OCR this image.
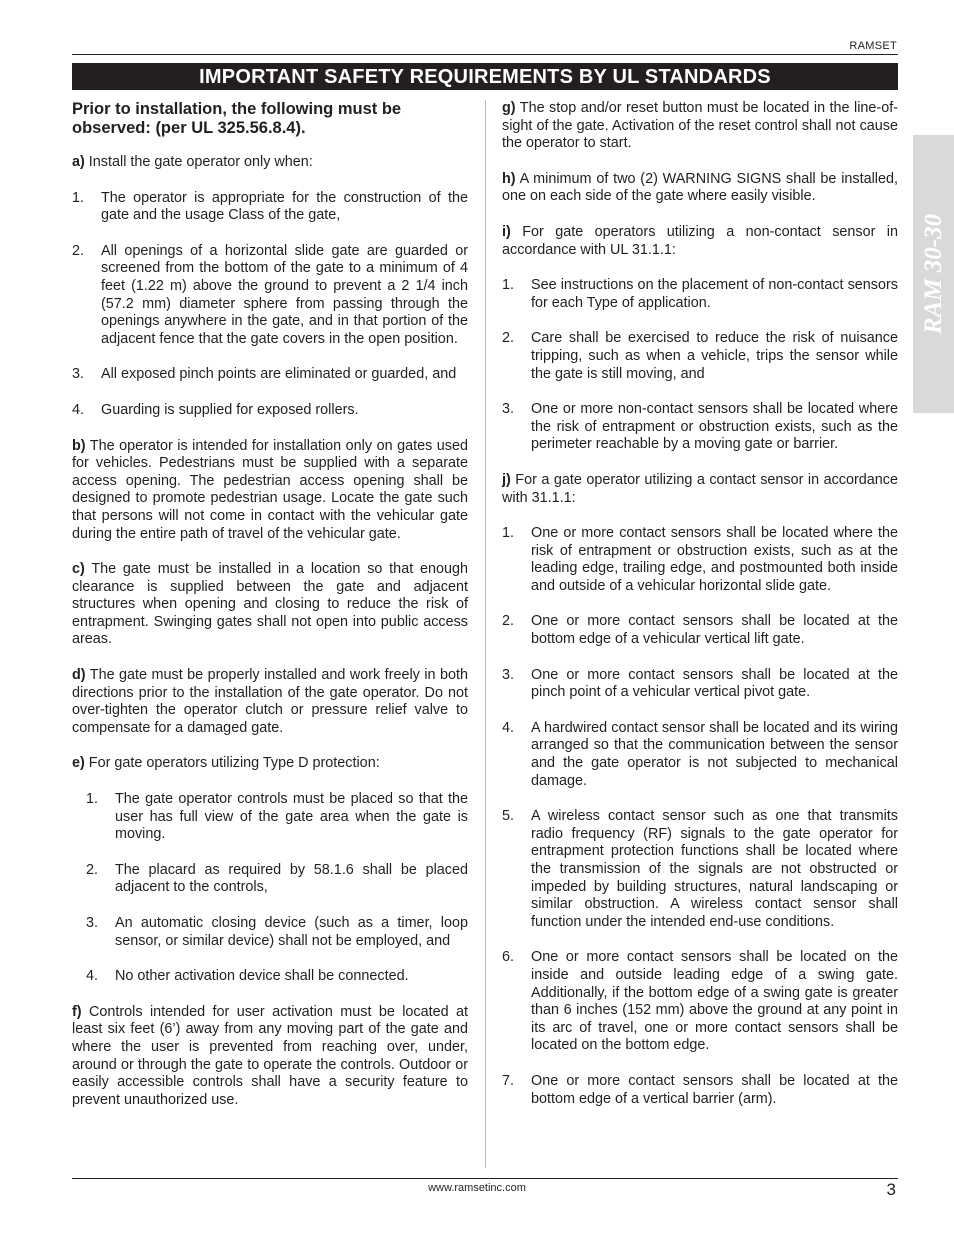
RAMSET
IMPORTANT SAFETY REQUIREMENTS BY UL STANDARDS
RAM 30-30
Prior to installation, the following must be observed: (per UL 325.56.8.4).

a) Install the gate operator only when:

1. The operator is appropriate for the construction of the gate and the usage Class of the gate,
2. All openings of a horizontal slide gate are guarded or screened from the bottom of the gate to a minimum of 4 feet (1.22 m) above the ground to prevent a 2 1/4 inch (57.2 mm) diameter sphere from passing through the openings anywhere in the gate, and in that portion of the adjacent fence that the gate covers in the open position.
3. All exposed pinch points are eliminated or guarded, and
4. Guarding is supplied for exposed rollers.

b) The operator is intended for installation only on gates used for vehicles. Pedestrians must be supplied with a separate access opening. The pedestrian access opening shall be designed to promote pedestrian usage. Locate the gate such that persons will not come in contact with the vehicular gate during the entire path of travel of the vehicular gate.

c) The gate must be installed in a location so that enough clearance is supplied between the gate and adjacent structures when opening and closing to reduce the risk of entrapment. Swinging gates shall not open into public access areas.

d) The gate must be properly installed and work freely in both directions prior to the installation of the gate operator. Do not over-tighten the operator clutch or pressure relief valve to compensate for a damaged gate.

e) For gate operators utilizing Type D protection:

1. The gate operator controls must be placed so that the user has full view of the gate area when the gate is moving.
2. The placard as required by 58.1.6 shall be placed adjacent to the controls,
3. An automatic closing device (such as a timer, loop sensor, or similar device) shall not be employed, and
4. No other activation device shall be connected.

f) Controls intended for user activation must be located at least six feet (6’) away from any moving part of the gate and where the user is prevented from reaching over, under, around or through the gate to operate the controls. Outdoor or easily accessible controls shall have a security feature to prevent unauthorized use.

g) The stop and/or reset button must be located in the line-of-sight of the gate. Activation of the reset control shall not cause the operator to start.

h) A minimum of two (2) WARNING SIGNS shall be installed, one on each side of the gate where easily visible.

i) For gate operators utilizing a non-contact sensor in accordance with UL 31.1.1:

1. See instructions on the placement of non-contact sensors for each Type of application.
2. Care shall be exercised to reduce the risk of nuisance tripping, such as when a vehicle, trips the sensor while the gate is still moving, and
3. One or more non-contact sensors shall be located where the risk of entrapment or obstruction exists, such as the perimeter reachable by a moving gate or barrier.

j) For a gate operator utilizing a contact sensor in accordance with 31.1.1:

1. One or more contact sensors shall be located where the risk of entrapment or obstruction exists, such as at the leading edge, trailing edge, and postmounted both inside and outside of a vehicular horizontal slide gate.
2. One or more contact sensors shall be located at the bottom edge of a vehicular vertical lift gate.
3. One or more contact sensors shall be located at the pinch point of a vehicular vertical pivot gate.
4. A hardwired contact sensor shall be located and its wiring arranged so that the communication between the sensor and the gate operator is not subjected to mechanical damage.
5. A wireless contact sensor such as one that transmits radio frequency (RF) signals to the gate operator for entrapment protection functions shall be located where the transmission of the signals are not obstructed or impeded by building structures, natural landscaping or similar obstruction. A wireless contact sensor shall function under the intended end-use conditions.
6. One or more contact sensors shall be located on the inside and outside leading edge of a swing gate. Additionally, if the bottom edge of a swing gate is greater than 6 inches (152 mm) above the ground at any point in its arc of travel, one or more contact sensors shall be located on the bottom edge.
7. One or more contact sensors shall be located at the bottom edge of a vertical barrier (arm).
www.ramsetinc.com	3
